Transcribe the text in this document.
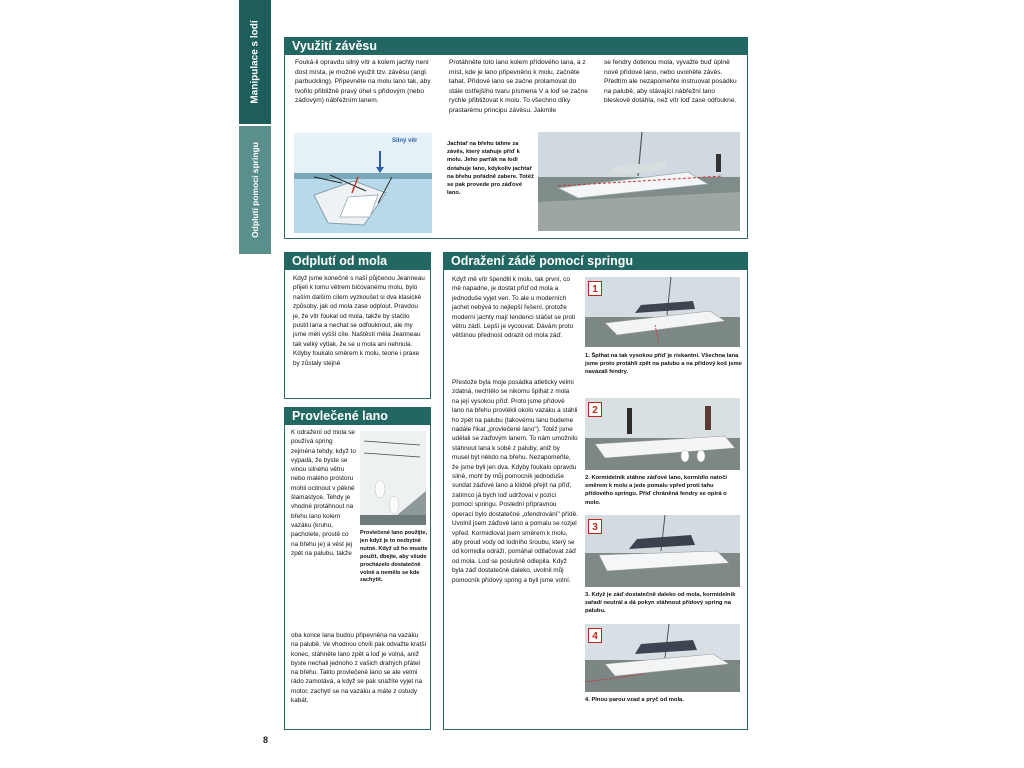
Manipulace s lodí
Odplutí pomocí springu
Využití závěsu
Fouká-li opravdu silný vítr a kolem jachty není dost místa, je možné využít tzv. závěsu (angl. parbuckling). Připevněte na molu lano tak, aby tvořilo přibližně pravý úhel s přídovým (nebo záďovým) nábřežním lanem.
Protáhněte toto lano kolem přídového lana, a z míst, kde je lano připevněno k molu, začněte tahat. Přídové lano se začne prolamovat do stále ostřejšího tvaru písmena V a loď se začne rychle přibližovat k molu. To všechno díky prastarému principu závěsu. Jakmile
se fendry dotknou mola, vyvažte buď úplně nové přídové lano, nebo uvolněte závěs. Předtím ale nezapomeňte instruovat posádku na palubě, aby stávající nábřežní lano bleskově dotáhla, než vítr loď zase odfoukne.
Silný vítr	Jachtař na břehu táhne za závěs, který stahuje příď k molu. Jeho parťák na lodi dotahuje lano, kdykoliv jachtař na břehu pořádně zabere. Totéž se pak provede pro záďové lano.
Odplutí od mola
Když jsme konečně s naší půjčenou Jeanneau přijeli k tomu větrem bičovanému molu, bylo naším dalším cílem vyzkoušet si dva klasické způsoby, jak od mola zase odplout. Pravdou je, že vítr foukal od mola, takže by stačilo pustit lana a nechat se odfouknout, ale my jsme měli vyšší cíle. Naštěstí měla Jeanneau tak velký výtlak, že se u mola ani nehnula. Kdyby foukalo směrem k molu, teorie i praxe by zůstaly stejné
Provlečené lano
K odražení od mola se používá spring zejména tehdy, když to vypadá, že byste se vinou silného větru nebo malého prostoru mohli ocitnout v pěkné šlamastyce. Tehdy je vhodné protáhnout na břehu lano kolem vazáku (kruhu, pacholete, prostě co na břehu je) a vést jej zpět na palubu, takže
oba konce lana budou připevněna na vazáku na palubě. Ve vhodnou chvíli pak odvažte kratší konec, stáhněte lano zpět a loď je volná, aniž byste nechali jednoho z vašich drahých přátel na břehu. Takto provlečené lano se ale velmi rádo zamotává, a když se pak snažíte vyjet na motor, zachytí se na vazáku a máte z ostudy kabát.
Provlečené lano použijte, jen když je to nezbytně nutné. Když už ho musíte použít, dbejte, aby všude procházelo dostatečně volně a nemělo se kde zachytit.
Odražení zádě pomocí springu
Když mě vítr špendlil k molu, tak první, co mě napadne, je dostat příď od mola a jednoduše vyjet ven. To ale u moderních jachet nebývá to nejlepší řešení, protože moderní jachty mají tendenci stáčet se proti větru zádí. Lepší je vycouvat. Dávám proto většinou přednost odrazit od mola záď.
Přestože byla moje posádka atleticky velmi zdatná, nechtělo se nikomu šplhat z mola na její vysokou příď. Proto jsme přídové lano na břehu provlékli okolo vazáku a stáhli ho zpět na palubu (takovému lanu budeme nadále říkat „provlečené lano"). Totéž jsme udělali se záďovým lanem. To nám umožnilo stáhnout lana k sobě z paluby, aniž by musel být někdo na břehu. Nezapomeňte, že jsme byli jen dva. Kdyby foukalo opravdu silně, mohl by můj pomocník jednoduše sundat záďové lano a klidně přejít na příď, zatímco já bych loď udržoval v pozici pomocí springu. Poslední přípravnou operací bylo dostatečné „ofendrování" přídě. Uvolnil jsem záďové lano a pomalu se rozjel vpřed. Kormidloval jsem směrem k molu, aby proud vody od lodního šroubu, který se od kormidla odráží, pomáhal odtlačovat záď od mola. Loď se poslušně odlepila. Když byla záď dostatečně daleko, uvolnil můj pomocník přídový spring a byli jsme volní.
1
1. Šplhat na tak vysokou příď je riskantní. Všechna lana jsme proto protáhli zpět na palubu a na přídový koš jsme navázali fendry.
2
2. Kormidelník stáhne záďové lano, kormidlo natočí směrem k molu a jede pomalu vpřed proti tahu přídového springu. Příď chráněná fendry se opírá o molo.
3
3. Když je záď dostatečně daleko od mola, kormidelník zařadí neutrál a dá pokyn stáhnout přídový spring na palubu.
4
4. Plnou parou vzad a pryč od mola.
8
